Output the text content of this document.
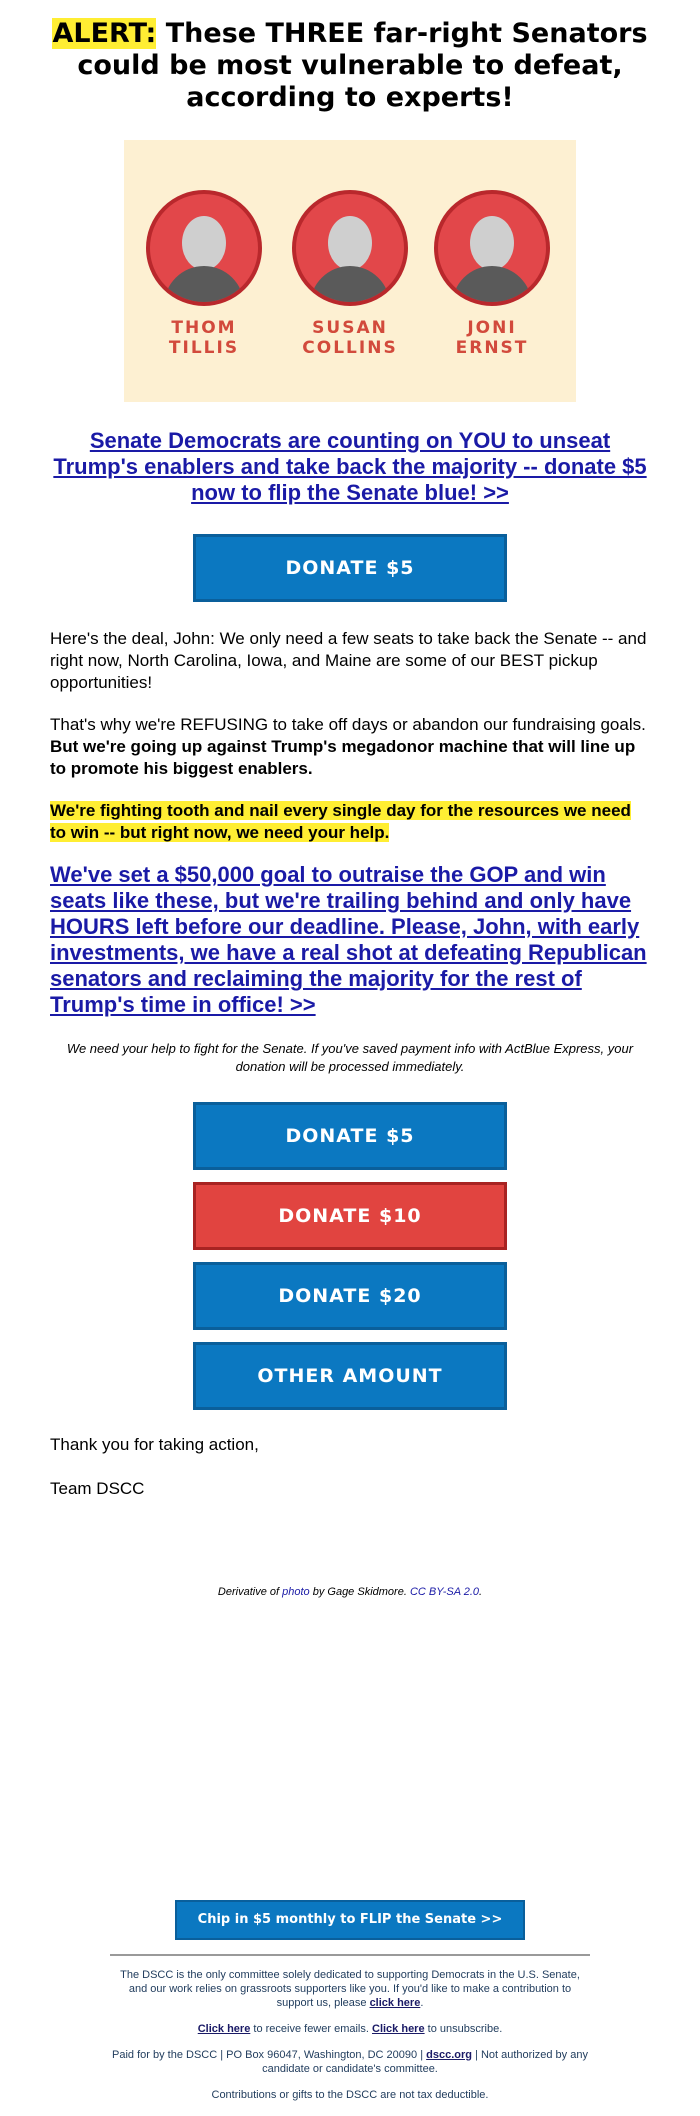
ALERT: These THREE far-right Senators could be most vulnerable to defeat, according to experts!
THOM
TILLIS
SUSAN
COLLINS
JONI
ERNST
Senate Democrats are counting on YOU to unseat Trump's enablers and take back the majority -- donate $5 now to flip the Senate blue! >>
DONATE $5

Here's the deal, John: We only need a few seats to take back the Senate -- and right now, North Carolina, Iowa, and Maine are some of our BEST pickup opportunities!

That's why we're REFUSING to take off days or abandon our fundraising goals. But we're going up against Trump's megadonor machine that will line up to promote his biggest enablers.

We're fighting tooth and nail every single day for the resources we need to win -- but right now, we need your help.

We've set a $50,000 goal to outraise the GOP and win seats like these, but we're trailing behind and only have HOURS left before our deadline. Please, John, with early investments, we have a real shot at defeating Republican senators and reclaiming the majority for the rest of Trump's time in office! >>
We need your help to fight for the Senate. If you've saved payment info with ActBlue Express, your donation will be processed immediately.
DONATE $5
DONATE $10
DONATE $20
OTHER AMOUNT

Thank you for taking action,

Team DSCC

Derivative of photo by Gage Skidmore. CC BY-SA 2.0.
Chip in $5 monthly to FLIP the Senate >>
The DSCC is the only committee solely dedicated to supporting Democrats in the U.S. Senate, and our work relies on grassroots supporters like you. If you'd like to make a contribution to support us, please click here.
Click here to receive fewer emails. Click here to unsubscribe.
Paid for by the DSCC | PO Box 96047, Washington, DC 20090 | dscc.org | Not authorized by any candidate or candidate's committee.
Contributions or gifts to the DSCC are not tax deductible.
